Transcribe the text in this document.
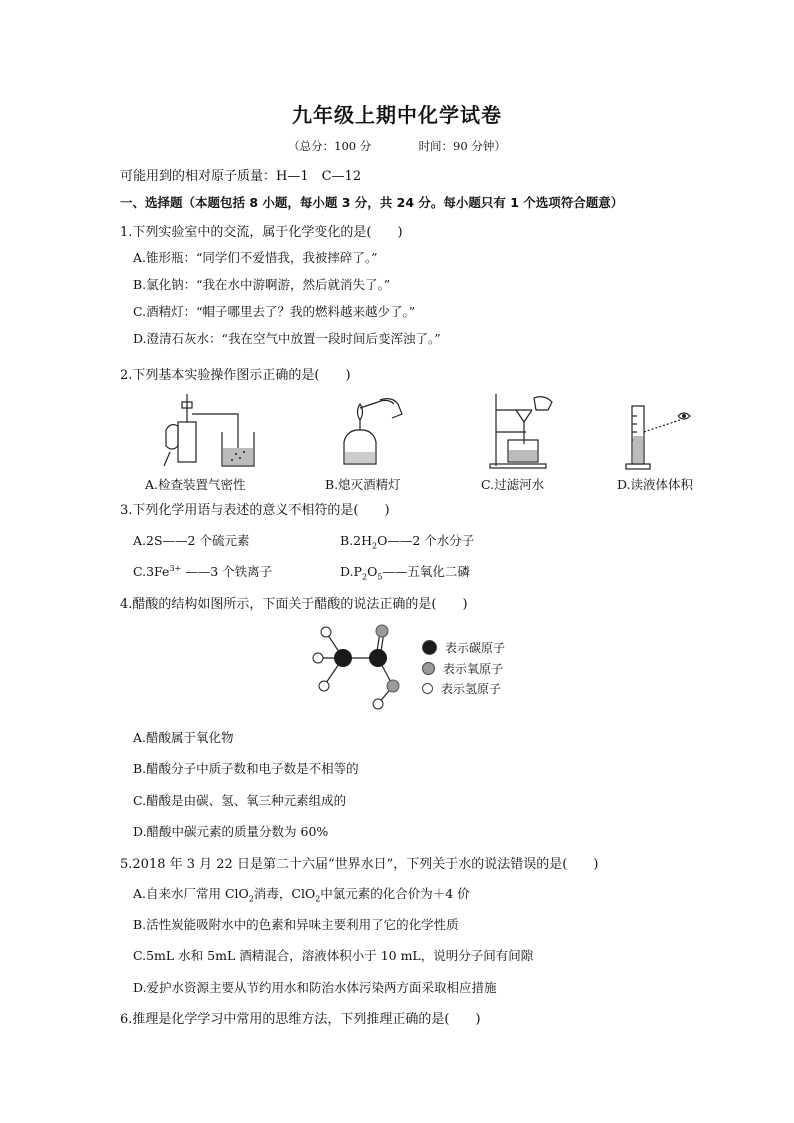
九年级上期中化学试卷
（总分：100 分	时间：90 分钟）
可能用到的相对原子质量：H—1　C—12
一、选择题（本题包括 8 小题，每小题 3 分，共 24 分。每小题只有 1 个选项符合题意）
1.下列实验室中的交流，属于化学变化的是(　　)
A.锥形瓶：“同学们不爱惜我，我被摔碎了。”
B.氯化钠：“我在水中游啊游，然后就消失了。”
C.酒精灯：“帽子哪里去了？我的燃料越来越少了。”
D.澄清石灰水：“我在空气中放置一段时间后变浑浊了。”
2.下列基本实验操作图示正确的是(　　)
A.检查装置气密性	B.熄灭酒精灯	C.过滤河水	D.读液体体积
3.下列化学用语与表述的意义不相符的是(　　)
A.2S——2 个硫元素	$B.2H_2O——2$ 个水分子
$C.3Fe^{3+}$ ——3 个铁离子	$D.P_2O_5——$五氧化二磷
4.醋酸的结构如图所示，下面关于醋酸的说法正确的是(　　)
表示碳原子
表示氧原子
表示氢原子
A.醋酸属于氧化物
B.醋酸分子中质子数和电子数是不相等的
C.醋酸是由碳、氢、氧三种元素组成的
D.醋酸中碳元素的质量分数为 60%
5.2018 年 3 月 22 日是第二十六届“世界水日”，下列关于水的说法错误的是(　　)
A.自来水厂常用 ClO$_2$消毒，ClO$_2$中氯元素的化合价为＋4 价
B.活性炭能吸附水中的色素和异味主要利用了它的化学性质
C.5mL 水和 5mL 酒精混合，溶液体积小于 10 mL，说明分子间有间隙
D.爱护水资源主要从节约用水和防治水体污染两方面采取相应措施
6.推理是化学学习中常用的思维方法，下列推理正确的是(　　)
